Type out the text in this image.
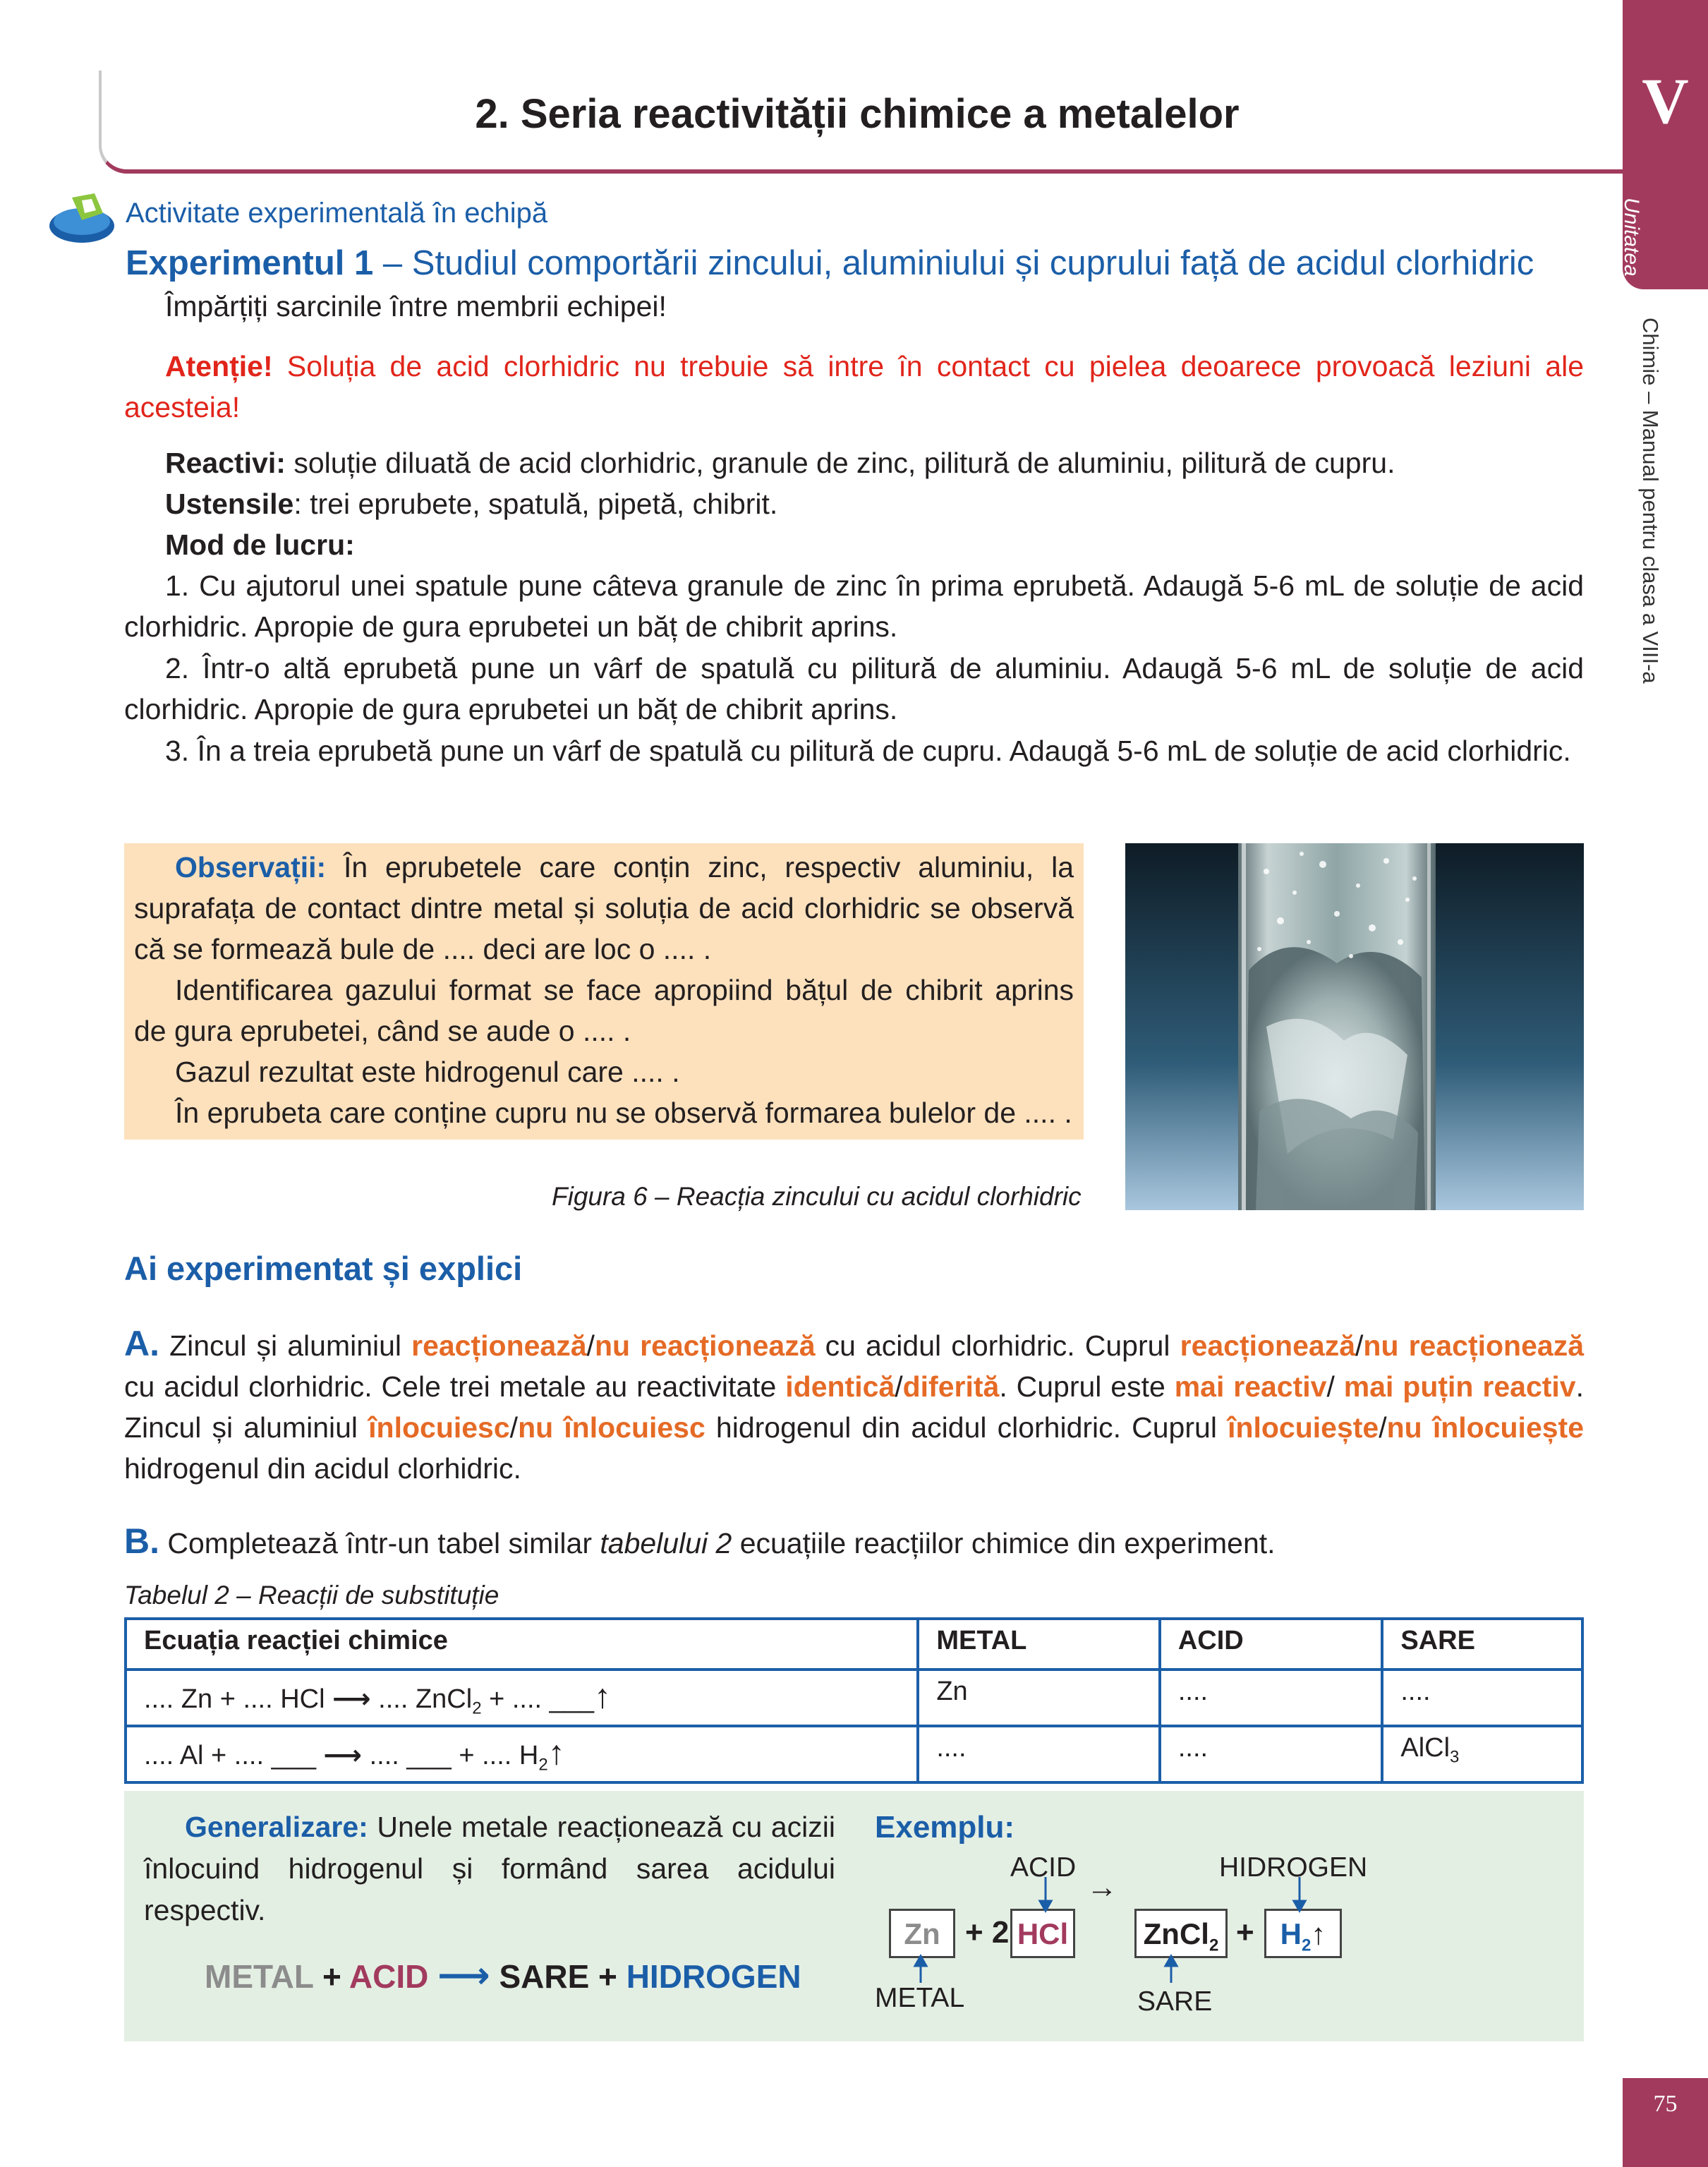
2. Seria reactivității chimice a metalelor	V
Unitatea
Chimie – Manual pentru clasa a VIII-a
75
Activitate experimentală în echipă
Experimentul 1 – Studiul comportării zincului, aluminiului și cuprului față de acidul clorhidric
Împărțiți sarcinile între membrii echipei!
Atenție! Soluția de acid clorhidric nu trebuie să intre în contact cu pielea deoarece provoacă leziuni ale acesteia!
Reactivi: soluție diluată de acid clorhidric, granule de zinc, pilitură de aluminiu, pilitură de cupru.
Ustensile: trei eprubete, spatulă, pipetă, chibrit.
Mod de lucru:
1. Cu ajutorul unei spatule pune câteva granule de zinc în prima eprubetă. Adaugă 5-6 mL de soluție de acid clorhidric. Apropie de gura eprubetei un băț de chibrit aprins.
2. Într-o altă eprubetă pune un vârf de spatulă cu pilitură de aluminiu. Adaugă 5-6 mL de soluție de acid clorhidric. Apropie de gura eprubetei un băț de chibrit aprins.
3. În a treia eprubetă pune un vârf de spatulă cu pilitură de cupru. Adaugă 5-6 mL de soluție de acid clorhidric.
Observații: În eprubetele care conțin zinc, respectiv aluminiu, la suprafața de contact dintre metal și soluția de acid clorhidric se observă că se formează bule de .... deci are loc o .... .
Identificarea gazului format se face apropiind bățul de chibrit aprins de gura eprubetei, când se aude o .... .
Gazul rezultat este hidrogenul care .... .
În eprubeta care conține cupru nu se observă formarea bulelor de .... .
Figura 6 – Reacția zincului cu acidul clorhidric
Ai experimentat și explici
A. Zincul și aluminiul reacționează/nu reacționează cu acidul clorhidric. Cuprul reacționează/nu reacționează cu acidul clorhidric. Cele trei metale au reactivitate identică/diferită. Cuprul este mai reactiv/ mai puțin reactiv. Zincul și aluminiul înlocuiesc/nu înlocuiesc hidrogenul din acidul clorhidric. Cuprul înlocuiește/nu înlocuiește hidrogenul din acidul clorhidric.
B. Completează într-un tabel similar tabelului 2 ecuațiile reacțiilor chimice din experiment.
Tabelul 2 – Reacții de substituție
Ecuația reacției chimice	METAL	ACID	SARE
.... Zn + .... HCl ⟶ .... ZnCl$_2$ + .... ___↑	Zn	....	....
.... Al + .... ___ ⟶ .... ___ + .... $H_2↑$	....	....	AlCl$_3$
Generalizare: Unele metale reacționează cu acizii înlocuind hidrogenul și formând sarea acidului respectiv.
METAL + ACID ⟶ SARE + HIDROGEN
Exemplu:
ACID	HIDROGEN
→
Zn + 2 HCl	ZnCl$_2$ + $H_2↑$
METAL	SARE
